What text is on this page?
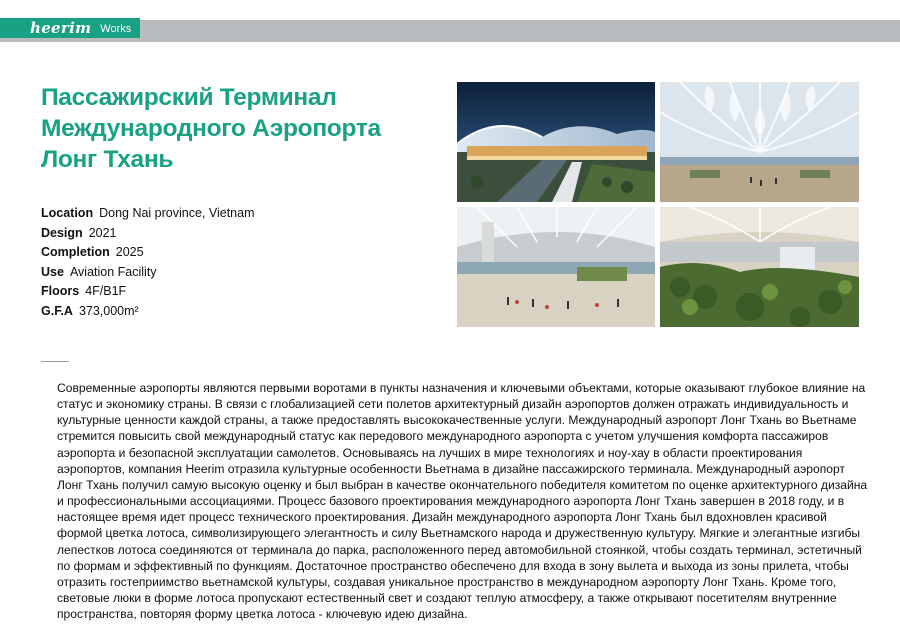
heerim Works
Пассажирский Терминал Международного Аэропорта Лонг Тхань
Location Dong Nai province, Vietnam
Design 2021
Completion 2025
Use Aviation Facility
Floors 4F/B1F
G.F.A 373,000m²

Современные аэропорты являются первыми воротами в пункты назначения и ключевыми объектами, которые оказывают глубокое влияние на статус и экономику страны. В связи с глобализацией сети полетов архитектурный дизайн аэропортов должен отражать индивидуальность и культурные ценности каждой страны, а также предоставлять высококачественные услуги. Международный аэропорт Лонг Тхань во Вьетнаме стремится повысить свой международный статус как передового международного аэропорта с учетом улучшения комфорта пассажиров аэропорта и безопасной эксплуатации самолетов. Основываясь на лучших в мире технологиях и ноу-хау в области проектирования аэропортов, компания Heerim отразила культурные особенности Вьетнама в дизайне пассажирского терминала. Международный аэропорт Лонг Тхань получил самую высокую оценку и был выбран в качестве окончательного победителя комитетом по оценке архитектурного дизайна и профессиональными ассоциациями. Процесс базового проектирования международного аэропорта Лонг Тхань завершен в 2018 году, и в настоящее время идет процесс технического проектирования. Дизайн международного аэропорта Лонг Тхань был вдохновлен красивой формой цветка лотоса, символизирующего элегантность и силу Вьетнамского народа и дружественную культуру. Мягкие и элегантные изгибы лепестков лотоса соединяются от терминала до парка, расположенного перед автомобильной стоянкой, чтобы создать терминал, эстетичный по формам и эффективный по функциям. Достаточное пространство обеспечено для входа в зону вылета и выхода из зоны прилета, чтобы отразить гостеприимство вьетнамской культуры, создавая уникальное пространство в международном аэропорту Лонг Тхань. Кроме того, световые люки в форме лотоса пропускают естественный свет и создают теплую атмосферу, а также открывают посетителям внутренние пространства, повторяя форму цветка лотоса - ключевую идею дизайна.
